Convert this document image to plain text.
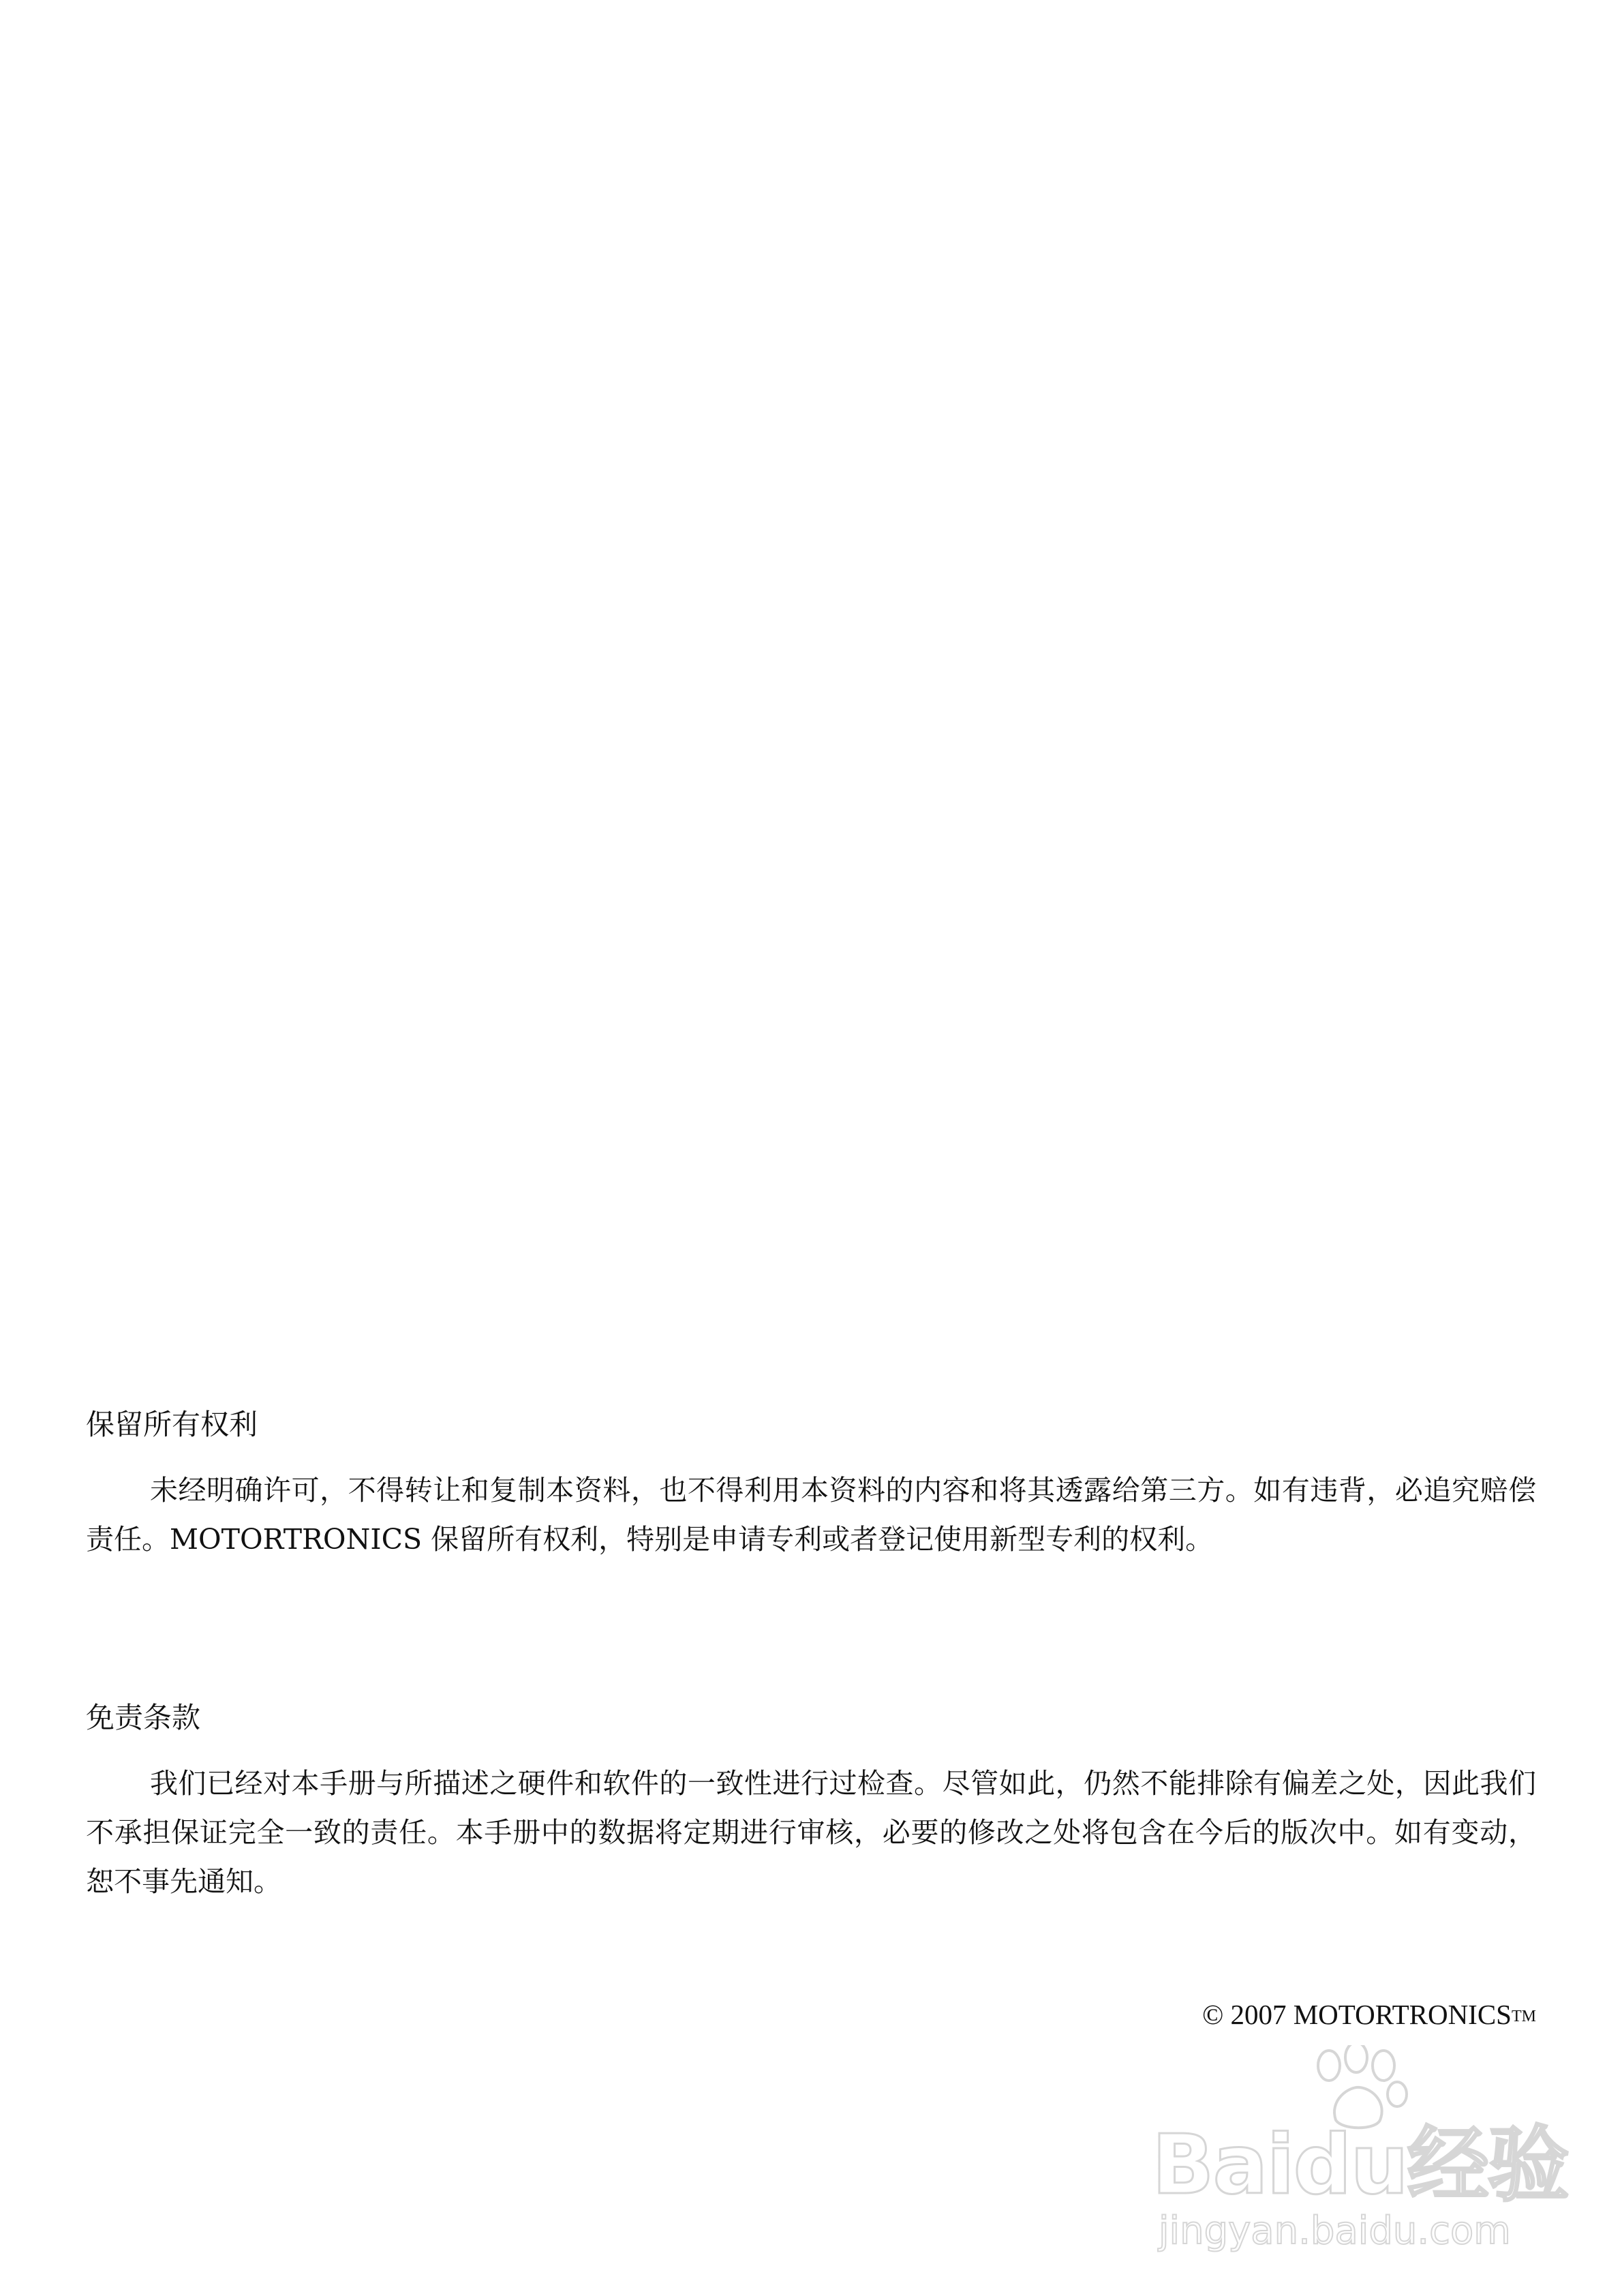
保留所有权利

未经明确许可，不得转让和复制本资料，也不得利用本资料的内容和将其透露给第三方。如有违背，必追究赔偿责任。MOTORTRONICS 保留所有权利，特别是申请专利或者登记使用新型专利的权利。

免责条款

我们已经对本手册与所描述之硬件和软件的一致性进行过检查。尽管如此，仍然不能排除有偏差之处，因此我们不承担保证完全一致的责任。本手册中的数据将定期进行审核，必要的修改之处将包含在今后的版次中。如有变动，恕不事先通知。

© 2007 MOTORTRONICSTM
Baidu经验
jingyan.baidu.com
